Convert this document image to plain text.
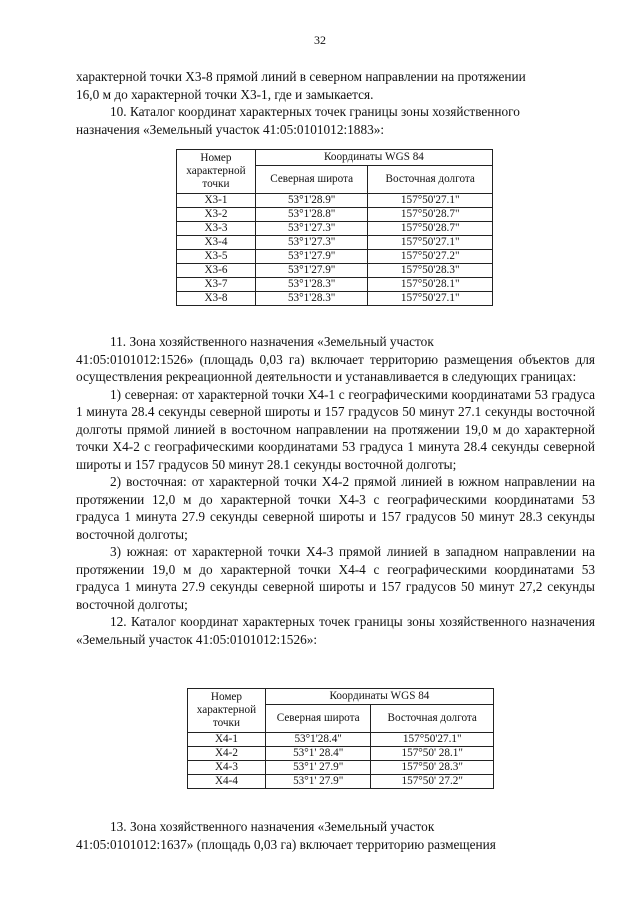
32

характерной точки Х3-8 прямой линий в северном направлении на протяжении

16,0 м до характерной точки Х3-1, где и замыкается.

10. Каталог координат характерных точек границы зоны хозяйственного

назначения «Земельный участок 41:05:0101012:1883»:

Номер характерной точки	Координаты WGS 84	
	Северная широта	Восточная долгота
Х3-1	53°1'28.9"	157°50'27.1"
Х3-2	53°1'28.8"	157°50'28.7"
Х3-3	53°1'27.3"	157°50'28.7"
Х3-4	53°1'27.3"	157°50'27.1"
Х3-5	53°1'27.9"	157°50'27.2"
Х3-6	53°1'27.9"	157°50'28.3"
Х3-7	53°1'28.3"	157°50'28.1"
Х3-8	53°1'28.3"	157°50'27.1"

11. Зона хозяйственного назначения «Земельный участок

41:05:0101012:1526» (площадь 0,03 га) включает территорию размещения объектов для осуществления рекреационной деятельности и устанавливается в следующих границах:

1) северная: от характерной точки Х4-1 с географическими координатами 53 градуса 1 минута 28.4 секунды северной широты и 157 градусов 50 минут 27.1 секунды восточной долготы прямой линией в восточном направлении на протяжении 19,0 м до характерной точки Х4-2 с географическими координатами 53 градуса 1 минута 28.4 секунды северной широты и 157 градусов 50 минут 28.1 секунды восточной долготы;

2) восточная: от характерной точки Х4-2 прямой линией в южном направлении на протяжении 12,0 м до характерной точки Х4-3 с географическими координатами 53 градуса 1 минута 27.9 секунды северной широты и 157 градусов 50 минут 28.3 секунды восточной долготы;

3) южная: от характерной точки Х4-3 прямой линией в западном направлении на протяжении 19,0 м до характерной точки Х4-4 с географическими координатами 53 градуса 1 минута 27.9 секунды северной широты и 157 градусов 50 минут 27,2 секунды восточной долготы;

12. Каталог координат характерных точек границы зоны хозяйственного назначения «Земельный участок 41:05:0101012:1526»:

Номер характерной точки	Координаты WGS 84	
	Северная широта	Восточная долгота
Х4-1	53°1'28.4"	157°50'27.1"
Х4-2	53°1' 28.4"	157°50' 28.1"
Х4-3	53°1' 27.9"	157°50' 28.3"
Х4-4	53°1' 27.9"	157°50' 27.2"

13. Зона хозяйственного назначения «Земельный участок

41:05:0101012:1637» (площадь 0,03 га) включает территорию размещения
